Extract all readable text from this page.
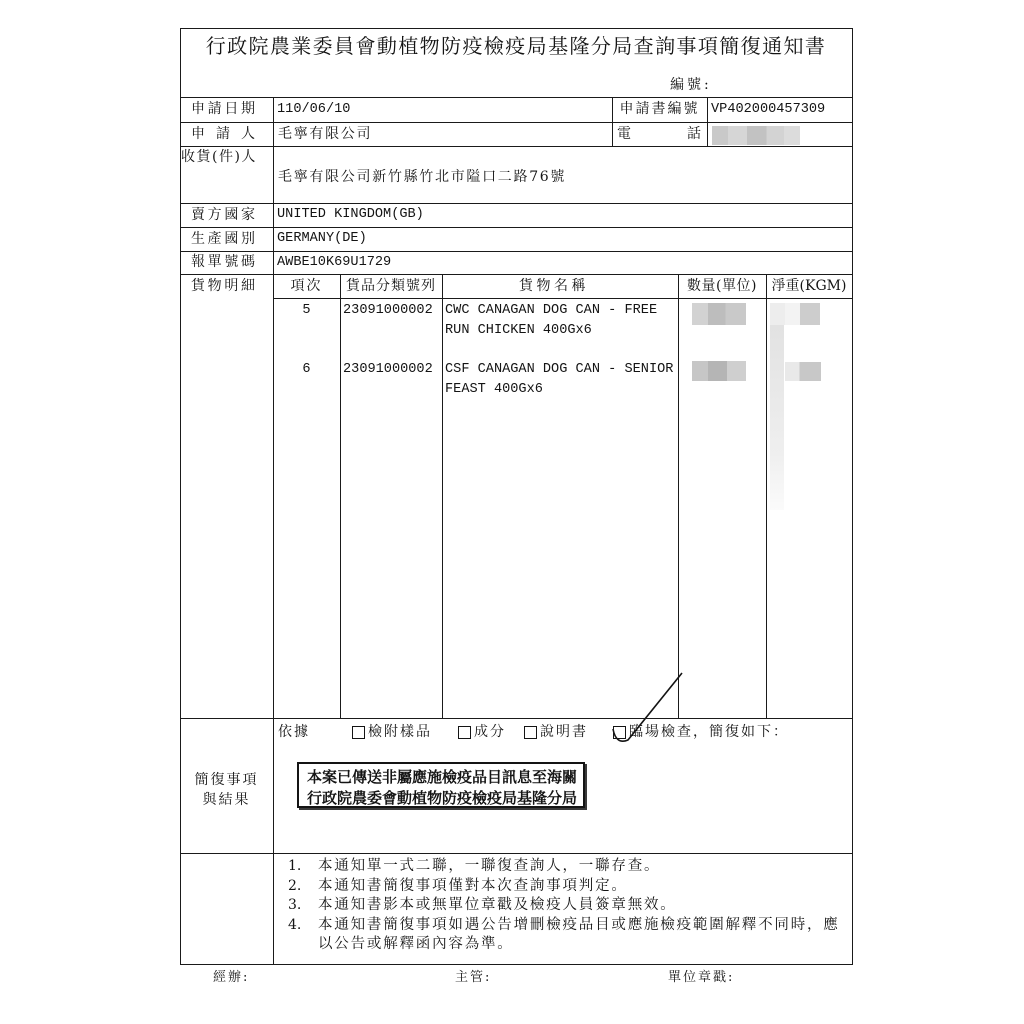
行政院農業委員會動植物防疫檢疫局基隆分局查詢事項簡復通知書
編號:
申請日期 110/06/10	申請書編號 VP402000457309
申 請 人 毛寧有限公司	電 話
收貨(件)人
毛寧有限公司新竹縣竹北市隘口二路76號
賣方國家 UNITED KINGDOM(GB)
生產國別 GERMANY(DE)
報單號碼 AWBE10K69U1729
貨物明細	項次	貨品分類號列	貨物名稱	數量(單位)	淨重(KGM)
5	23091000002 CWC CANAGAN DOG CAN - FREE RUN CHICKEN 400Gx6
6	23091000002 CSF CANAGAN DOG CAN - SENIOR FEAST 400Gx6
簡復事項
與結果
依據	檢附樣品	成分 說明書	臨場檢查 ，簡復如下：
本案已傳送非屬應施檢疫品目訊息至海關
行政院農委會動植物防疫檢疫局基隆分局
1. 本通知單一式二聯，一聯復查詢人，一聯存查。
2. 本通知書簡復事項僅對本次查詢事項判定。
3. 本通知書影本或無單位章戳及檢疫人員簽章無效。
4. 本通知書簡復事項如遇公告增刪檢疫品目或應施檢疫範圍解釋不同時，應以公告或解釋函內容為準。
經辦:	主管:	單位章戳:
